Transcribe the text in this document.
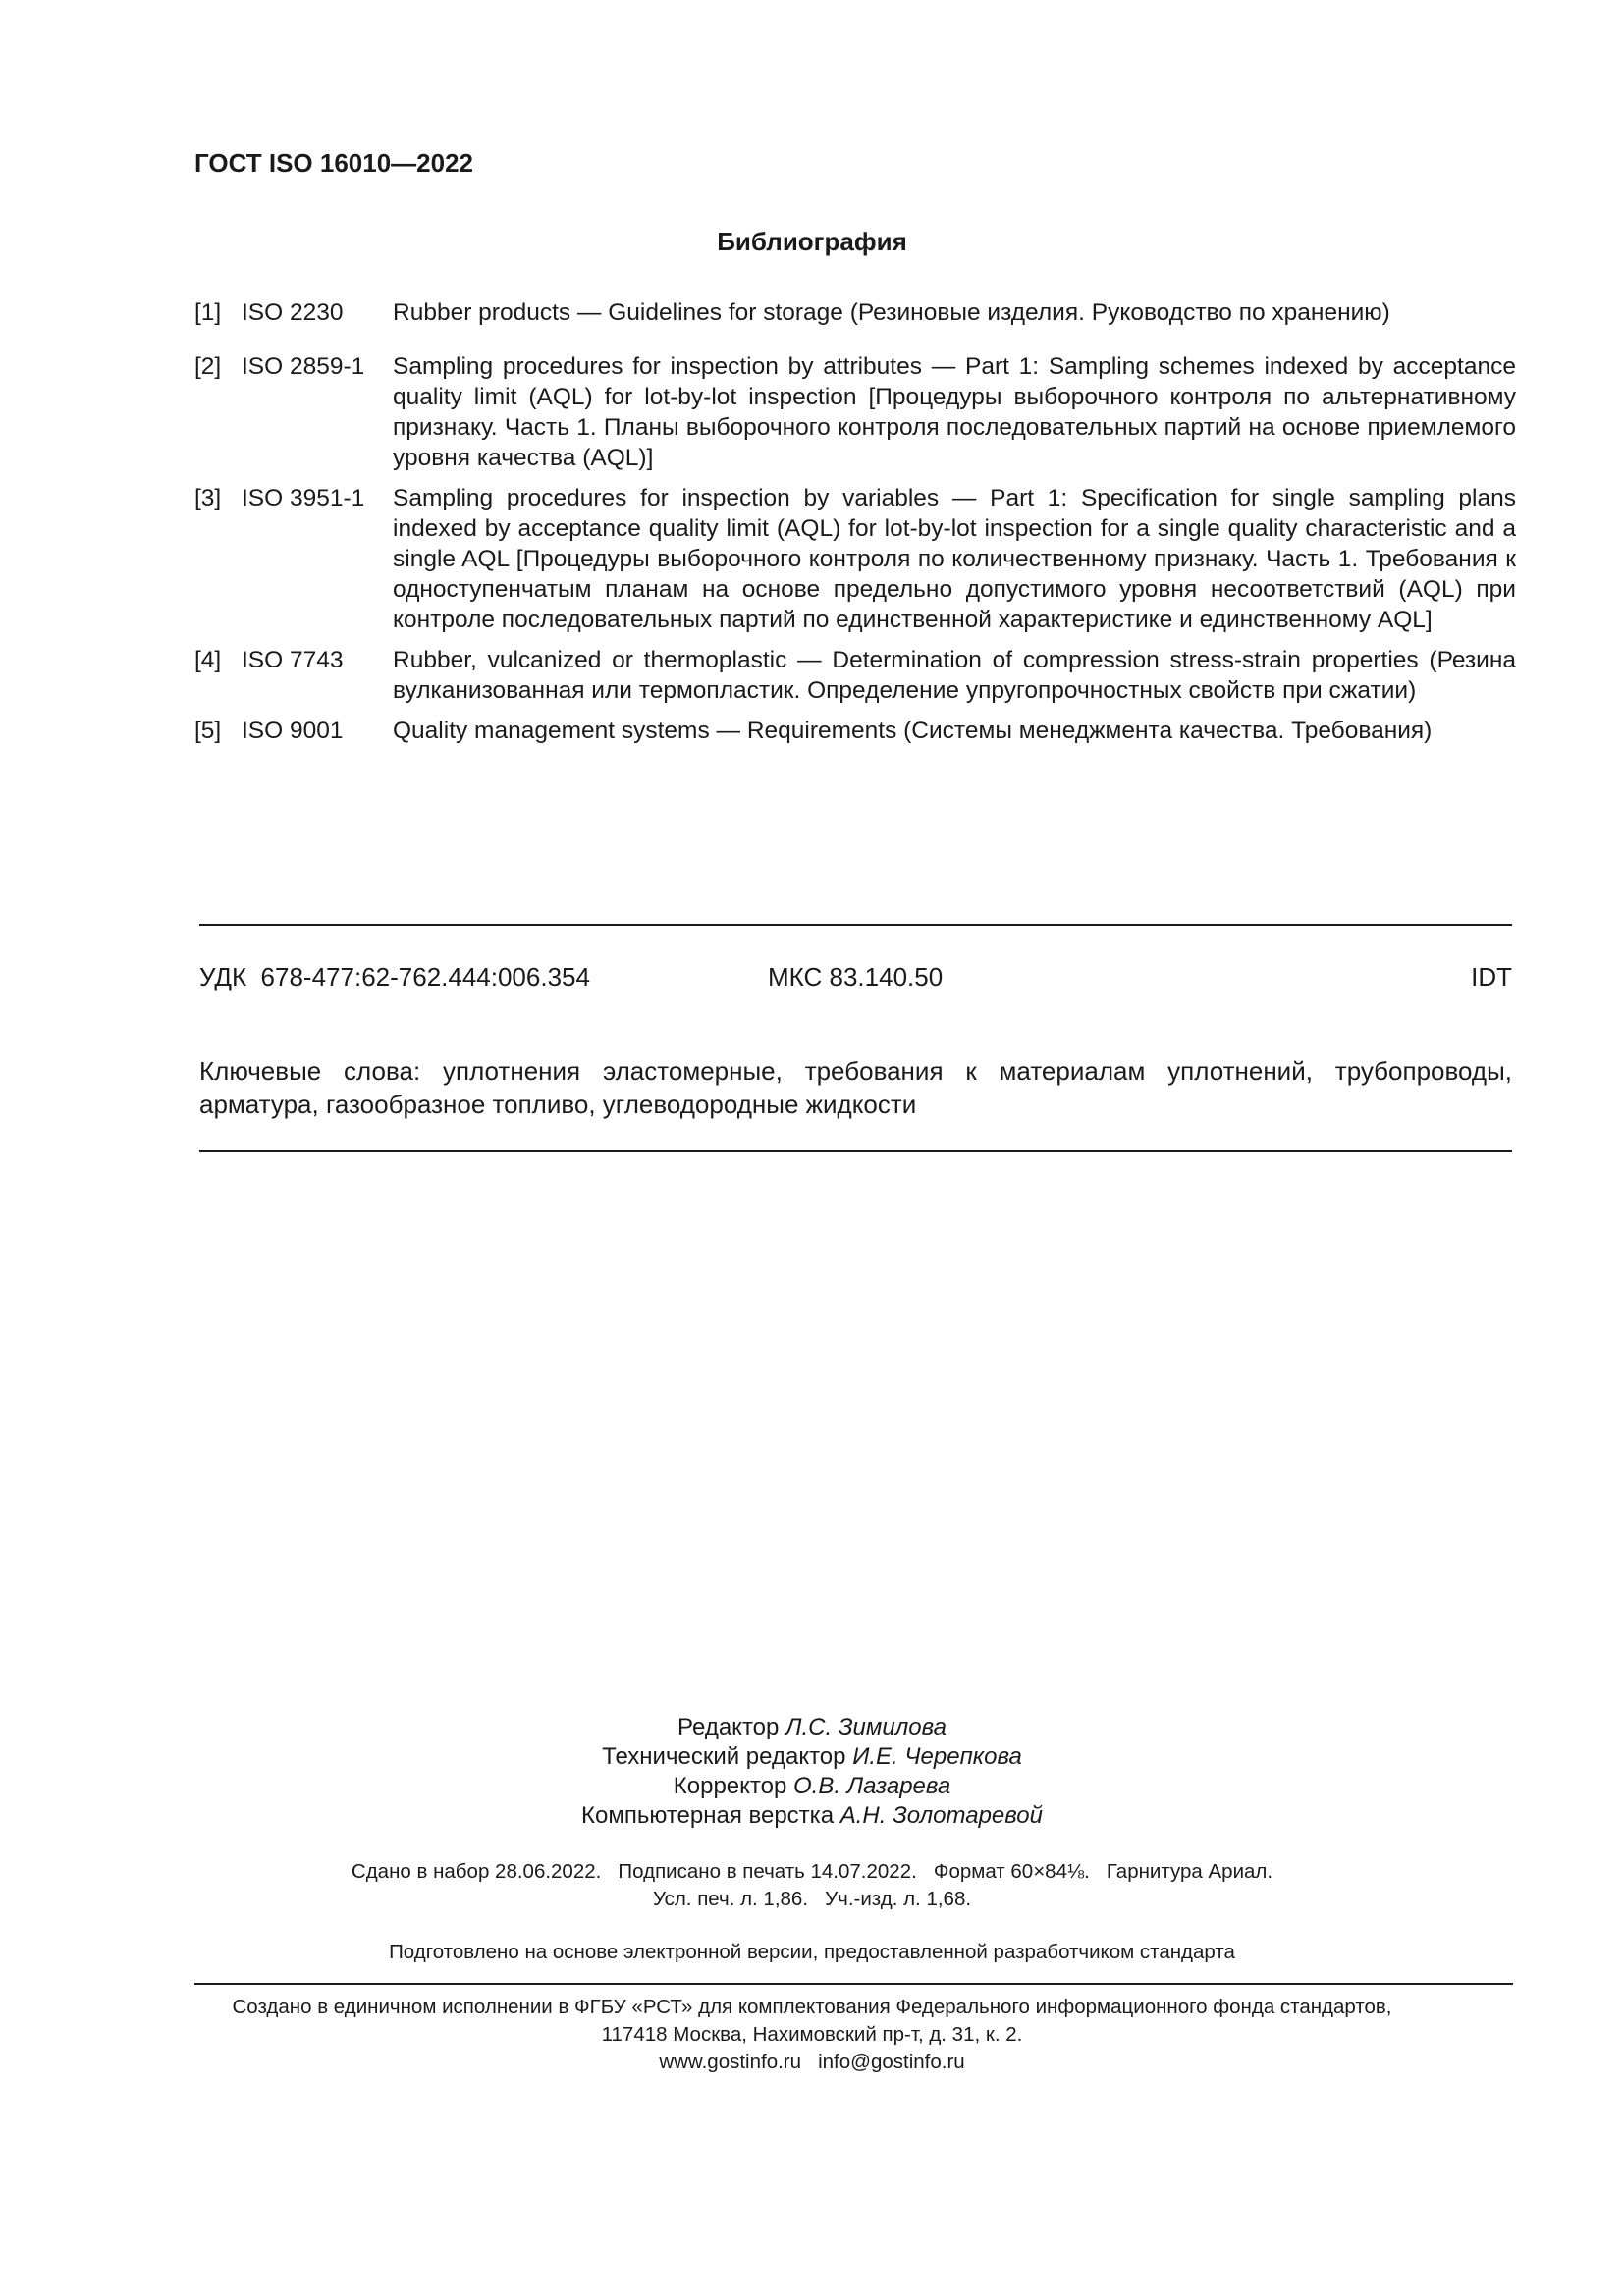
ГОСТ ISO 16010—2022
Библиография
[1] ISO 2230	Rubber products — Guidelines for storage (Резиновые изделия. Руководство по хранению)
[2] ISO 2859-1	Sampling procedures for inspection by attributes — Part 1: Sampling schemes indexed by acceptance quality limit (AQL) for lot-by-lot inspection [Процедуры выборочного контроля по альтернативному признаку. Часть 1. Планы выборочного контроля последовательных партий на основе приемлемого уровня качества (AQL)]
[3] ISO 3951-1	Sampling procedures for inspection by variables — Part 1: Specification for single sampling plans indexed by acceptance quality limit (AQL) for lot-by-lot inspection for a single quality characteristic and a single AQL [Процедуры выборочного контроля по количественному признаку. Часть 1. Требования к одноступенчатым планам на основе предельно допустимого уровня несоответствий (AQL) при контроле последовательных партий по единственной характеристике и единственному AQL]
[4] ISO 7743	Rubber, vulcanized or thermoplastic — Determination of compression stress-strain properties (Резина вулканизованная или термопластик. Определение упругопрочностных свойств при сжатии)
[5] ISO 9001	Quality management systems — Requirements (Системы менеджмента качества. Требования)
УДК  678-477:62-762.444:006.354	МКС 83.140.50	IDT
Ключевые слова: уплотнения эластомерные, требования к материалам уплотнений, трубопроводы, арматура, газообразное топливо, углеводородные жидкости
Редактор Л.С. Зимилова
Технический редактор И.Е. Черепкова
Корректор О.В. Лазарева
Компьютерная верстка А.Н. Золотаревой
Сдано в набор 28.06.2022.   Подписано в печать 14.07.2022.   Формат 60×84⅛.   Гарнитура Ариал.
Усл. печ. л. 1,86.   Уч.-изд. л. 1,68.
Подготовлено на основе электронной версии, предоставленной разработчиком стандарта
Создано в единичном исполнении в ФГБУ «РСТ» для комплектования Федерального информационного фонда стандартов,
117418 Москва, Нахимовский пр-т, д. 31, к. 2.
www.gostinfo.ru   info@gostinfo.ru
